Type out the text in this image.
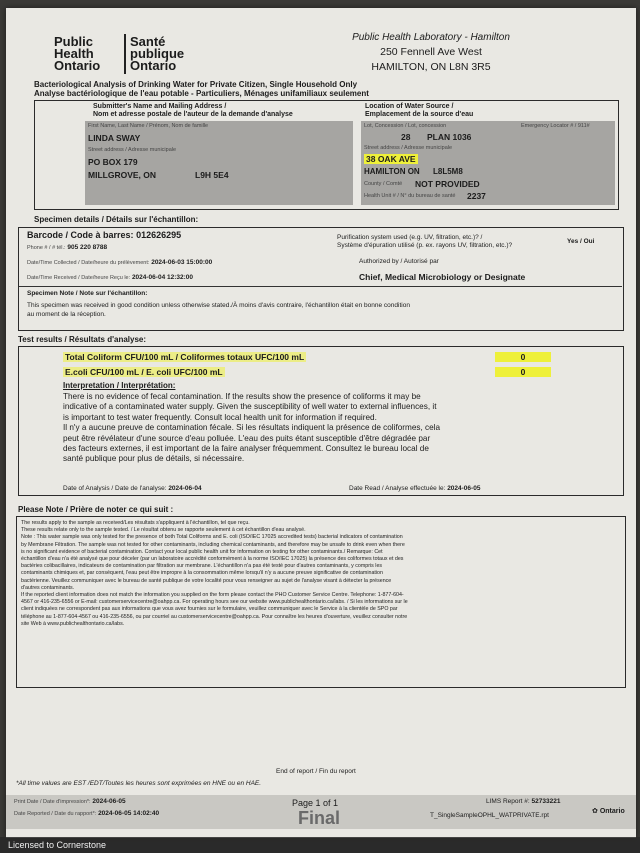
Public
Health
Ontario
Santé
publique
Ontario
Public Health Laboratory - Hamilton
250 Fennell Ave West
HAMILTON, ON L8N 3R5
Bacteriological Analysis of Drinking Water for Private Citizen, Single Household Only
Analyse bactériologique de l'eau potable - Particuliers, Ménages unifamiliaux seulement
Submitter's Name and Mailing Address /
Nom et adresse postale de l'auteur de la demande d'analyse
Location of Water Source /
Emplacement de la source d'eau
First Name, Last Name / Prénom, Nom de famille
LINDA SWAY
Street address / Adresse municipale
PO BOX 179
MILLGROVE, ON	L9H 5E4
Lot, Concession / Lot, concession	Emergency Locator # / 911#
28 PLAN 1036
Street address / Adresse municipale
38 OAK AVE
HAMILTON ON L8L5M8
County / Comté NOT PROVIDED
Health Unit # / N° du bureau de santé 2237
Specimen details / Détails sur l'échantillon:
Barcode / Code à barres: 012626295
Phone # / # tél.: 905 220 8788
Date/Time Collected / Date/heure du prélèvement: 2024-06-03 15:00:00
Date/Time Received / Date/heure Reçu le: 2024-06-04 12:32:00
Purification system used (e.g. UV, filtration, etc.)? /
Système d'épuration utilisé (p. ex. rayons UV, filtration, etc.)?
Yes / Oui
Authorized by / Autorisé par
Chief, Medical Microbiology or Designate
Specimen Note / Note sur l'échantillon:
This specimen was received in good condition unless otherwise stated./À moins d'avis contraire, l'échantillon était en bonne condition
au moment de la réception.
Test results / Résultats d'analyse:
Total Coliform CFU/100 mL / Coliformes totaux UFC/100 mL	0
E.coli CFU/100 mL / E. coli UFC/100 mL	0
Interpretation / Interprétation:
There is no evidence of fecal contamination. If the results show the presence of coliforms it may be
indicative of a contaminated water supply. Given the susceptibility of well water to external influences, it
is important to test water frequently. Consult local health unit for information if required.
Il n'y a aucune preuve de contamination fécale. Si les résultats indiquent la présence de coliformes, cela
peut être révélateur d'une source d'eau polluée. L'eau des puits étant susceptible d'être dégradée par
des facteurs externes, il est important de la faire analyser fréquemment. Consultez le bureau local de
santé publique pour plus de détails, si nécessaire.
Date of Analysis / Date de l'analyse: 2024-06-04	Date Read / Analyse effectuée le: 2024-06-05
Please Note / Prière de noter ce qui suit :
The results apply to the sample as received/Les résultats s'appliquent à l'échantillon, tel que reçu.
These results relate only to the sample tested. / Le résultat obtenu se rapporte seulement à cet échantillon d'eau analysé.
Note : This water sample was only tested for the presence of both Total Coliforms and E. coli (ISO/IEC 17025 accredited tests) bacterial indicators of contamination
by Membrane Filtration. The sample was not tested for other contaminants, including chemical contaminants, and therefore may be unsafe to drink even when there
is no significant evidence of bacterial contamination. Contact your local public health unit for information on testing for other contaminants./ Remarque: Cet
échantillon d'eau n'a été analysé que pour déceler (par un laboratoire accrédité conformément à la norme ISO/IEC 17025) la présence des coliformes totaux et des
bactéries colibacillaires, indicateurs de contamination par filtration sur membrane. L'échantillon n'a pas été testé pour d'autres contaminants, y compris les
contaminants chimiques et, par conséquent, l'eau peut être impropre à la consommation même lorsqu'il n'y a aucune preuve significative de contamination
bactérienne. Veuillez communiquer avec le bureau de santé publique de votre localité pour vous renseigner au sujet de l'analyse visant à détecter la présence
d'autres contaminants.
If the reported client information does not match the information you supplied on the form please contact the PHO Customer Service Centre. Telephone: 1-877-604-
4567 or 416-235-6556 or E-mail: customerservicecentre@oahpp.ca. For operating hours see our website www.publichealthontario.ca/labs. / Si les informations sur le
client indiquées ne correspondent pas aux informations que vous avez fournies sur le formulaire, veuillez communiquer avec le Service à la clientèle de SPO par
téléphone au 1-877-604-4567 ou 416-235-6556, ou par courriel au customerservicecentre@oahpp.ca. Pour connaître les heures d'ouverture, veuillez consulter notre
site Web à www.publichealthontario.ca/labs.
End of report / Fin du report
*All time values are EST /EDT/Toutes les heures sont exprimées en HNE ou en HAE.
Print Date / Date d'impression*: 2024-06-05
Date Reported / Date du rapport*: 2024-06-05 14:02:40
Page 1 of 1
Final
LIMS Report #: 52733221
T_SingleSampleOPHL_WATPRIVATE.rpt
✿ Ontario
Licensed to Cornerstone
